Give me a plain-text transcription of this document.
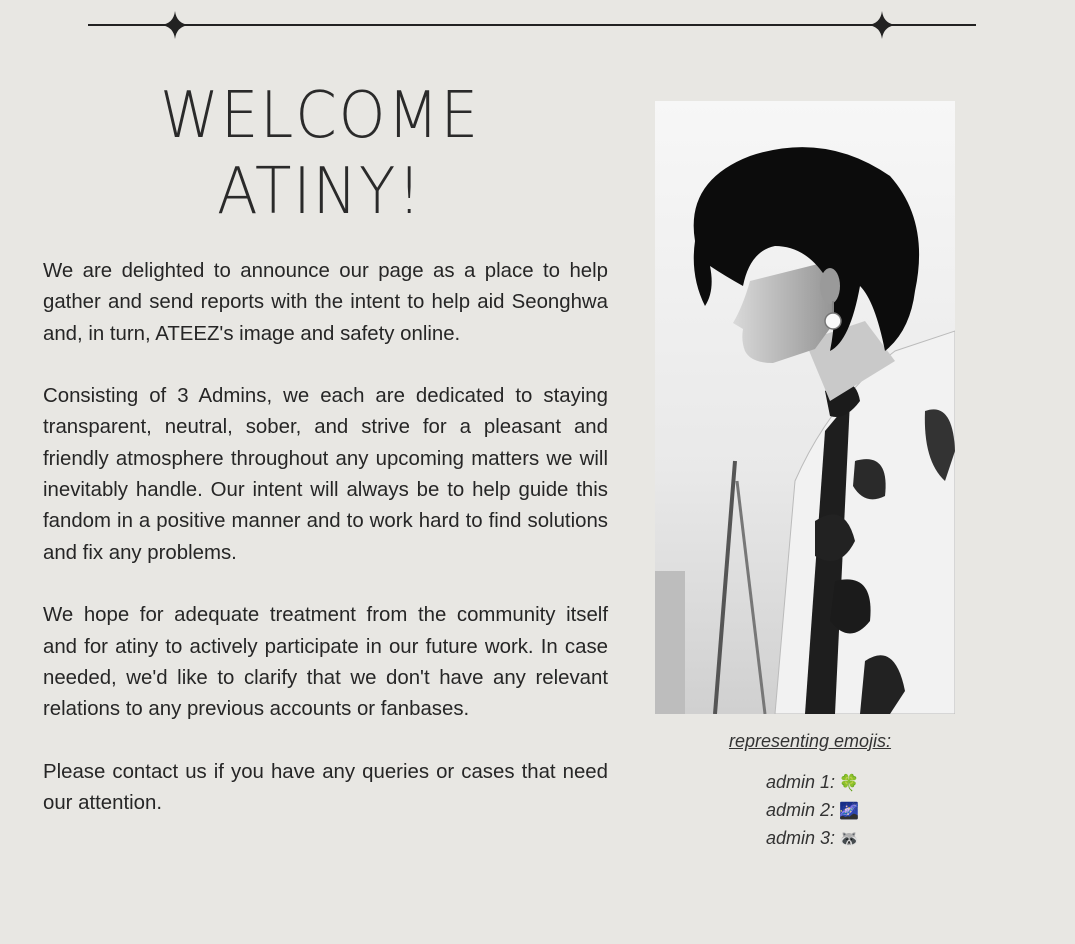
WELCOME
ATINY!

We are delighted to announce our page as a place to help gather and send reports with the intent to help aid Seonghwa and, in turn, ATEEZ's image and safety online.

Consisting of 3 Admins, we each are dedicated to staying transparent, neutral, sober, and strive for a pleasant and friendly atmosphere throughout any upcoming matters we will inevitably handle. Our intent will always be to help guide this fandom in a positive manner and to work hard to find solutions and fix any problems.

We hope for adequate treatment from the community itself and for atiny to actively participate in our future work. In case needed, we'd like to clarify that we don't have any relevant relations to any previous accounts or fanbases.

Please contact us if you have any queries or cases that need our attention.

representing emojis:
admin 1: 🍀
admin 2: 🌌
admin 3: 🦝
